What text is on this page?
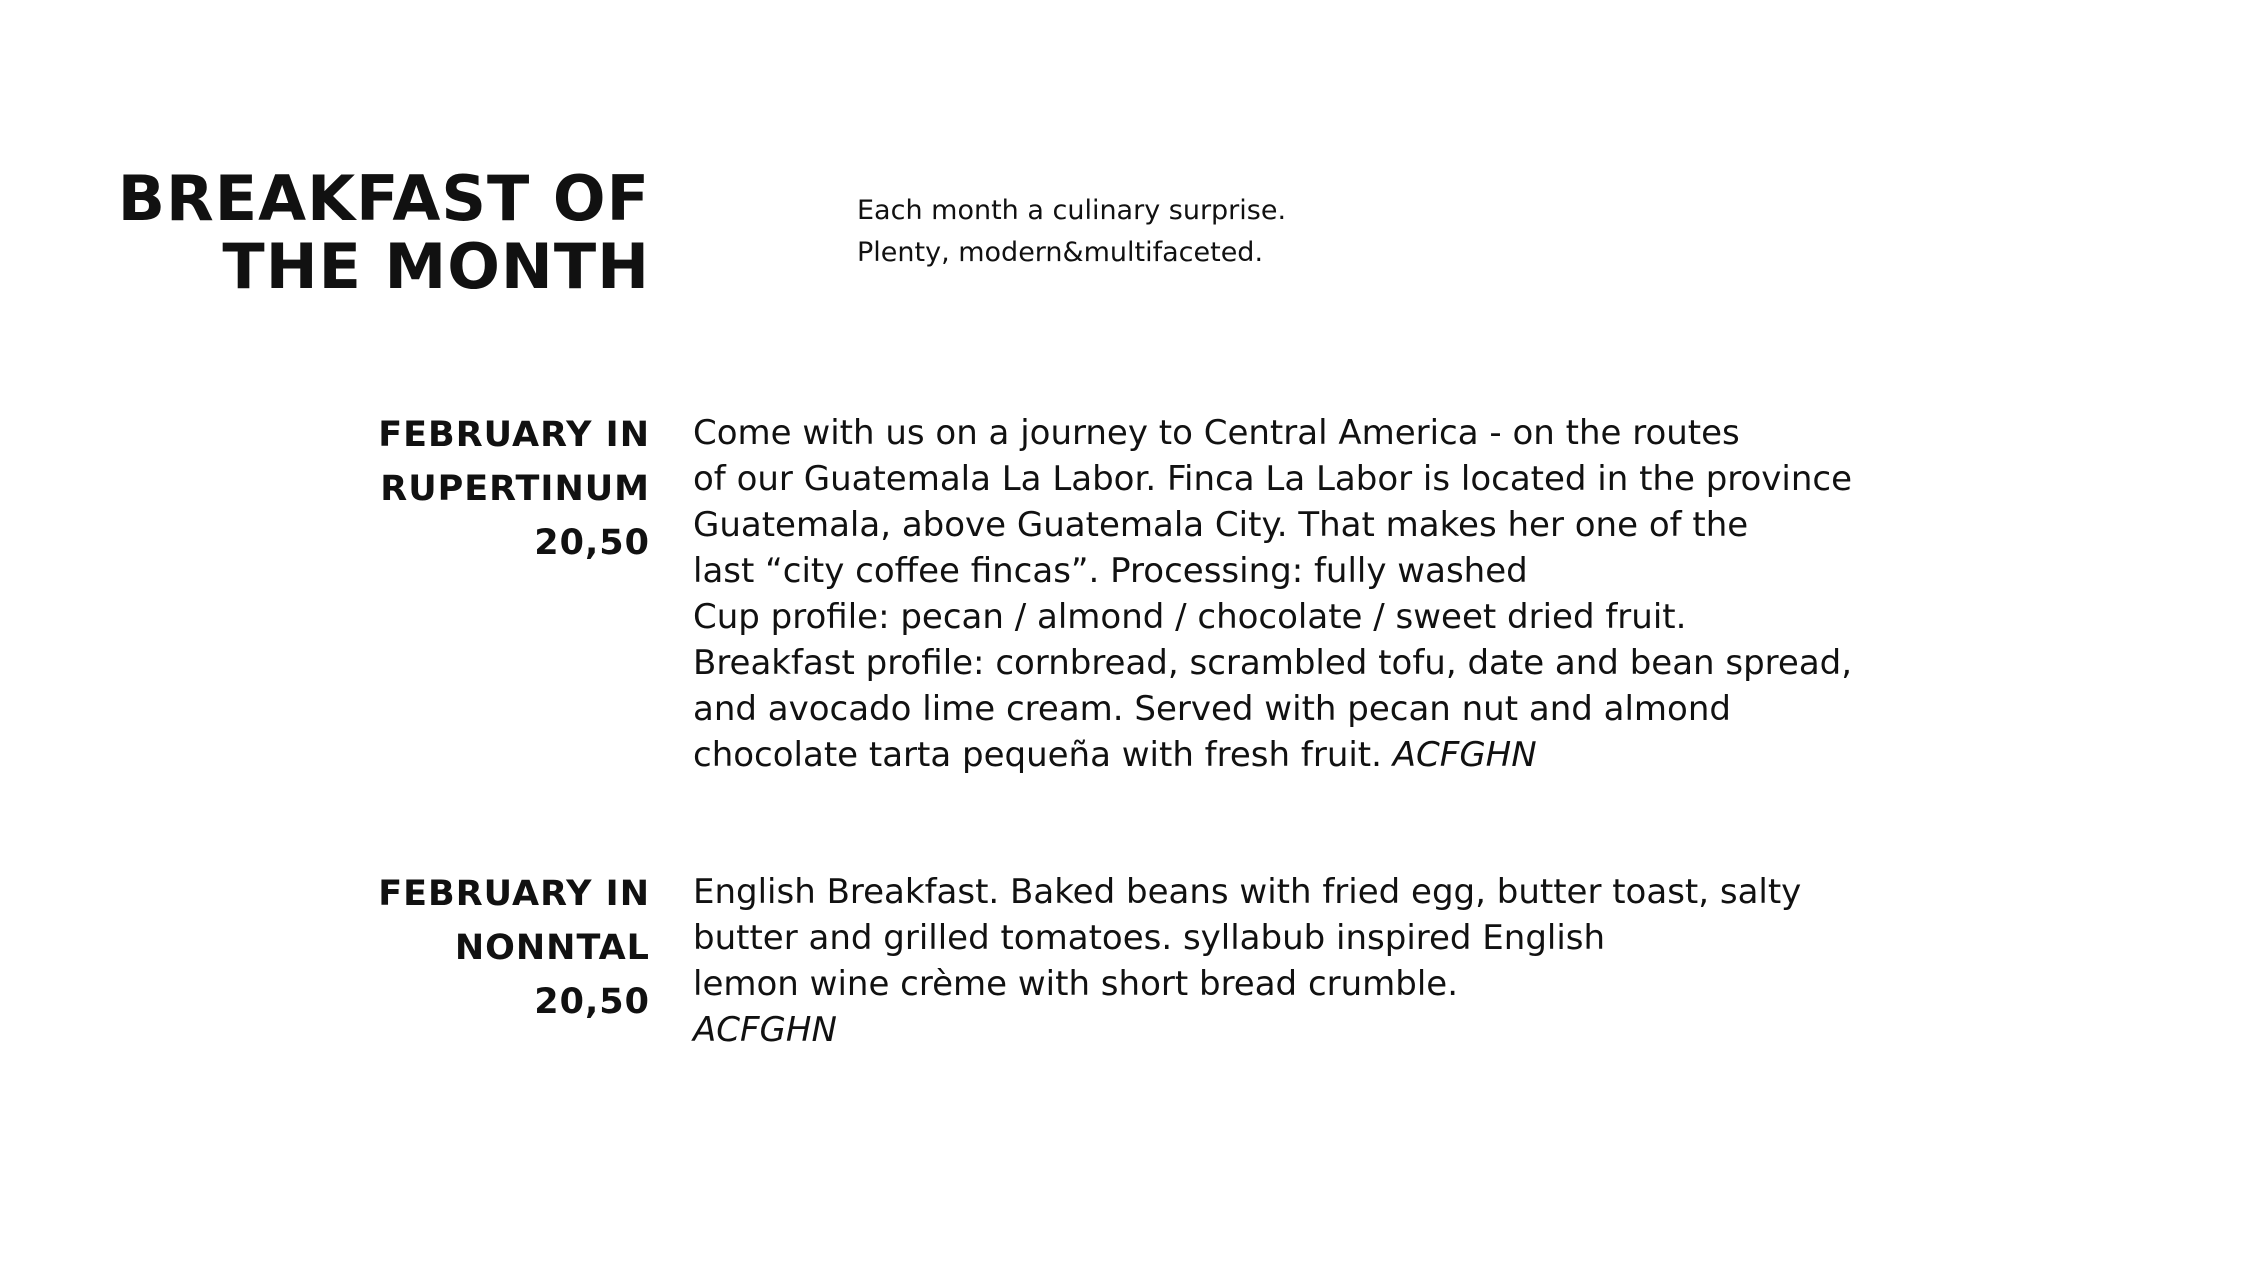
BREAKFAST OF
THE MONTH
Each month a culinary surprise.
Plenty, modern&multifaceted.
FEBRUARY IN
RUPERTINUM
20,50
Come with us on a journey to Central America - on the routes
of our Guatemala La Labor. Finca La Labor is located in the province
Guatemala, above Guatemala City. That makes her one of the
last “city coffee fincas”. Processing: fully washed
Cup profile: pecan / almond / chocolate / sweet dried fruit.
Breakfast profile: cornbread, scrambled tofu, date and bean spread,
and avocado lime cream. Served with pecan nut and almond
chocolate tarta pequeña with fresh fruit. ACFGHN
FEBRUARY IN
NONNTAL
20,50
English Breakfast. Baked beans with fried egg, butter toast, salty
butter and grilled tomatoes. syllabub inspired English
lemon wine crème with short bread crumble.
ACFGHN
